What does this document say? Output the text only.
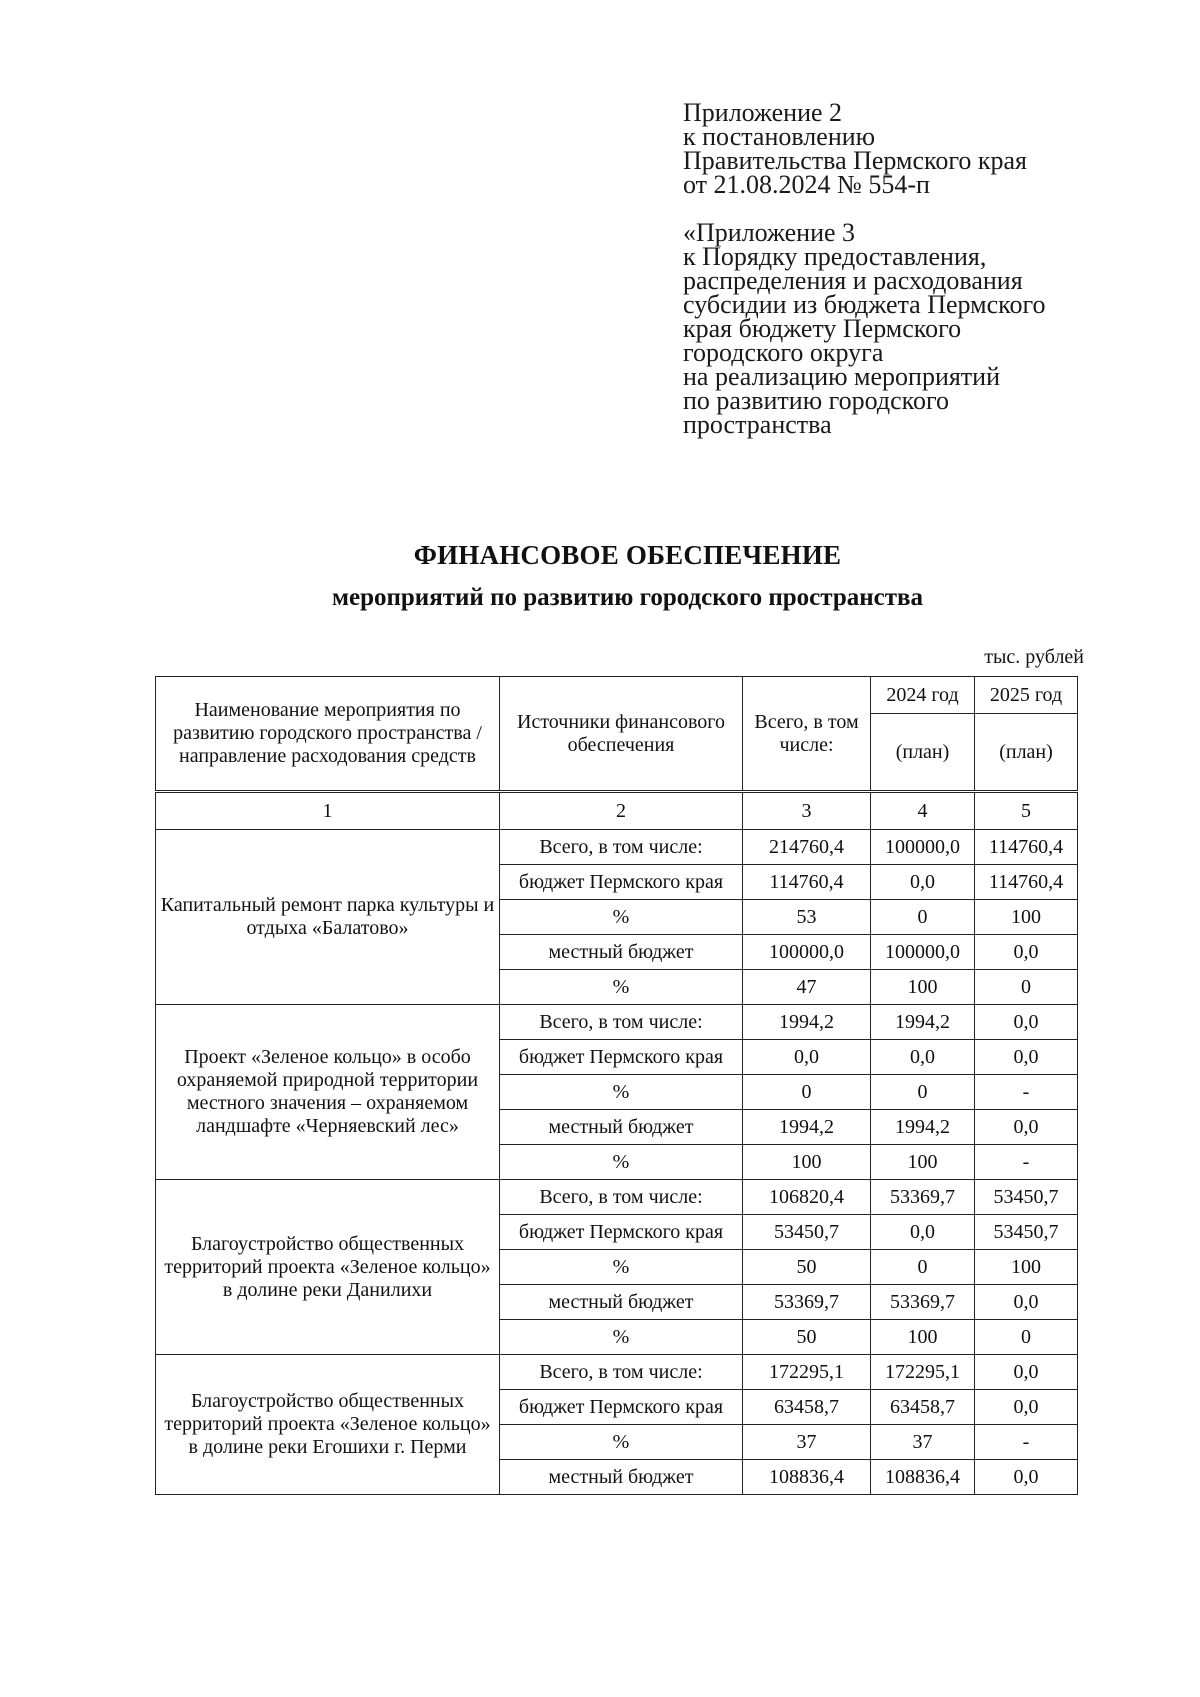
Приложение 2
к постановлению
Правительства Пермского края
от 21.08.2024 № 554-п
«Приложение 3
к Порядку предоставления,
распределения и расходования
субсидии из бюджета Пермского
края бюджету Пермского
городского округа
на реализацию мероприятий
по развитию городского
пространства
ФИНАНСОВОЕ ОБЕСПЕЧЕНИЕ
мероприятий по развитию городского пространства
тыс. рублей
Наименование мероприятия по развитию городского пространства / направление расходования средств	Источники финансового обеспечения	Всего, в том числе:	2024 год	2025 год
			(план)	(план)
1	2	3	4	5
Капитальный ремонт парка культуры и отдыха «Балатово»	Всего, в том числе:	214760,4	100000,0	114760,4
	бюджет Пермского края	114760,4	0,0	114760,4
	%	53	0	100
	местный бюджет	100000,0	100000,0	0,0
	%	47	100	0
Проект «Зеленое кольцо» в особо охраняемой природной территории местного значения – охраняемом ландшафте «Черняевский лес»	Всего, в том числе:	1994,2	1994,2	0,0
	бюджет Пермского края	0,0	0,0	0,0
	%	0	0	-
	местный бюджет	1994,2	1994,2	0,0
	%	100	100	-
Благоустройство общественных территорий проекта «Зеленое кольцо» в долине реки Данилихи	Всего, в том числе:	106820,4	53369,7	53450,7
	бюджет Пермского края	53450,7	0,0	53450,7
	%	50	0	100
	местный бюджет	53369,7	53369,7	0,0
	%	50	100	0
Благоустройство общественных территорий проекта «Зеленое кольцо» в долине реки Егошихи г. Перми	Всего, в том числе:	172295,1	172295,1	0,0
	бюджет Пермского края	63458,7	63458,7	0,0
	%	37	37	-
	местный бюджет	108836,4	108836,4	0,0
